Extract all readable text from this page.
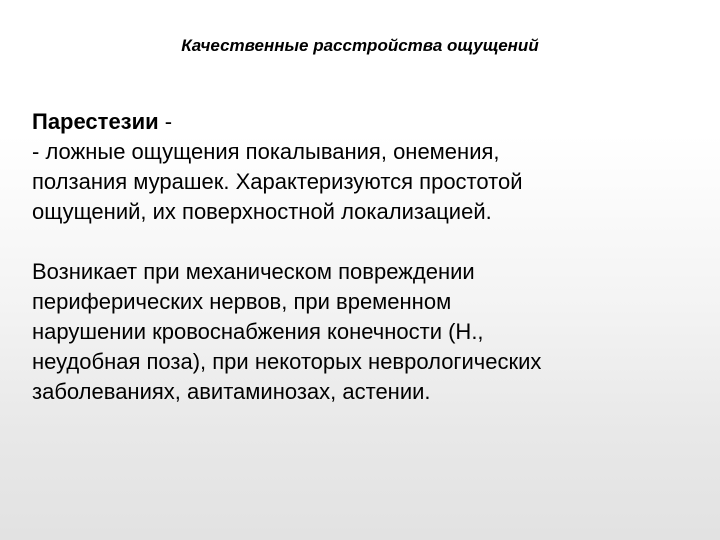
Качественные расстройства ощущений
Парестезии -
- ложные ощущения покалывания, онемения,
ползания мурашек. Характеризуются простотой
ощущений, их поверхностной локализацией.
Возникает при механическом повреждении
периферических нервов, при временном
нарушении кровоснабжения конечности (Н.,
неудобная поза), при некоторых неврологических
заболеваниях, авитаминозах, астении.
